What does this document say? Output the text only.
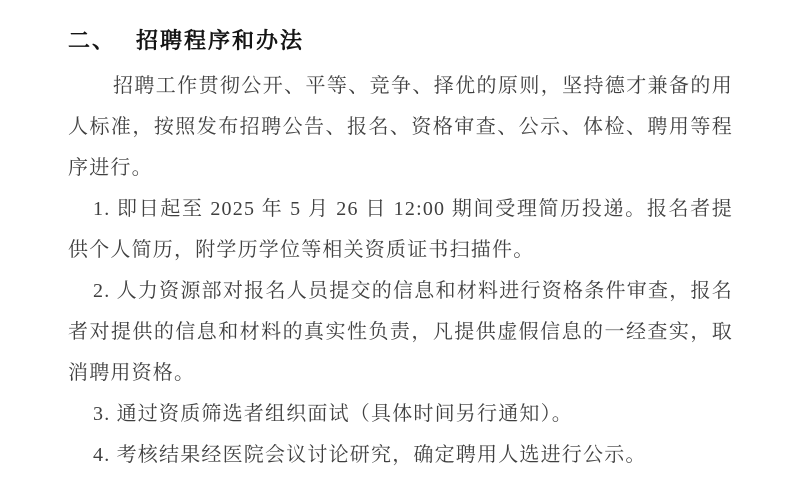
二、 招聘程序和办法

招聘工作贯彻公开、平等、竞争、择优的原则，坚持德才兼备的用人标准，按照发布招聘公告、报名、资格审查、公示、体检、聘用等程序进行。

1. 即日起至 2025 年 5 月 26 日 12:00 期间受理简历投递。报名者提供个人简历，附学历学位等相关资质证书扫描件。

2. 人力资源部对报名人员提交的信息和材料进行资格条件审查，报名者对提供的信息和材料的真实性负责，凡提供虚假信息的一经查实，取消聘用资格。

3. 通过资质筛选者组织面试（具体时间另行通知）。

4. 考核结果经医院会议讨论研究，确定聘用人选进行公示。
